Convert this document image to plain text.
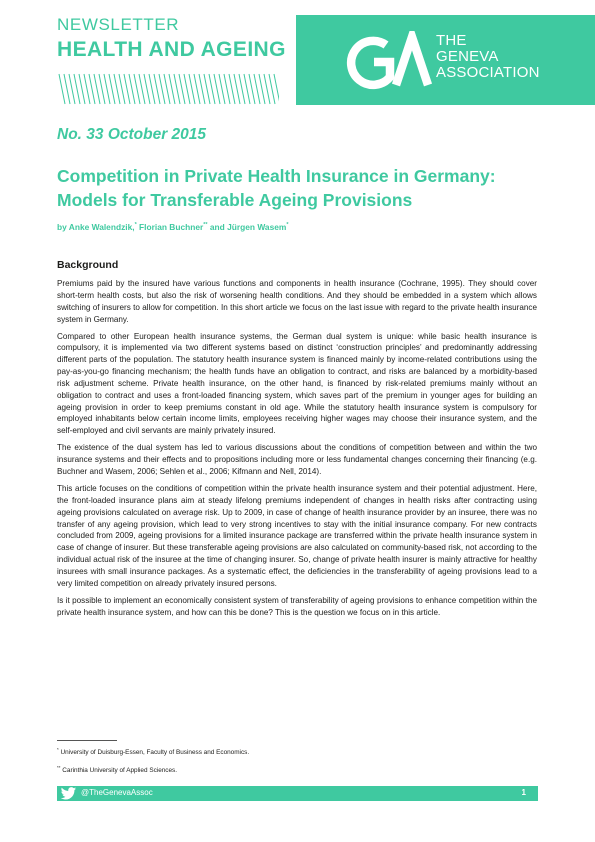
NEWSLETTER
HEALTH AND AGEING	THE
GENEVA
ASSOCIATION

No. 33 October 2015

Competition in Private Health Insurance in Germany:
Models for Transferable Ageing Provisions

by Anke Walendzik,* Florian Buchner** and Jürgen Wasem*

Background

Premiums paid by the insured have various functions and components in health insurance (Cochrane, 1995). They should cover short-term health costs, but also the risk of worsening health conditions. And they should be embedded in a system which allows switching of insurers to allow for competition. In this short article we focus on the last issue with regard to the private health insurance system in Germany.

Compared to other European health insurance systems, the German dual system is unique: while basic health insurance is compulsory, it is implemented via two different systems based on distinct ‘construction principles’ and predominantly addressing different parts of the population. The statutory health insurance system is financed mainly by income-related contributions using the pay-as-you-go financing mechanism; the health funds have an obligation to contract, and risks are balanced by a morbidity-based risk adjustment scheme. Private health insurance, on the other hand, is financed by risk-related premiums mainly without an obligation to contract and uses a front-loaded financing system, which saves part of the premium in younger ages for building an ageing provision in order to keep premiums constant in old age. While the statutory health insurance system is compulsory for employed inhabitants below certain income limits, employees receiving higher wages may choose their insurance system, and the self-employed and civil servants are mainly privately insured.

The existence of the dual system has led to various discussions about the conditions of competition between and within the two insurance systems and their effects and to propositions including more or less fundamental changes concerning their financing (e.g. Buchner and Wasem, 2006; Sehlen et al., 2006; Kifmann and Nell, 2014).

This article focuses on the conditions of competition within the private health insurance system and their potential adjustment. Here, the front-loaded insurance plans aim at steady lifelong premiums independent of changes in health risks after contracting using ageing provisions calculated on average risk. Up to 2009, in case of change of health insurance provider by an insuree, there was no transfer of any ageing provision, which lead to very strong incentives to stay with the initial insurance company. For new contracts concluded from 2009, ageing provisions for a limited insurance package are transferred within the private health insurance system in case of change of insurer. But these transferable ageing provisions are also calculated on community-based risk, not according to the individual actual risk of the insuree at the time of changing insurer. So, change of private health insurer is mainly attractive for healthy insurees with small insurance packages. As a systematic effect, the deficiencies in the transferability of ageing provisions lead to a very limited competition on already privately insured persons.

Is it possible to implement an economically consistent system of transferability of ageing provisions to enhance competition within the private health insurance system, and how can this be done? This is the question we focus on in this article.

* University of Duisburg-Essen, Faculty of Business and Economics.

** Carinthia University of Applied Sciences.

@TheGenevaAssoc	1
